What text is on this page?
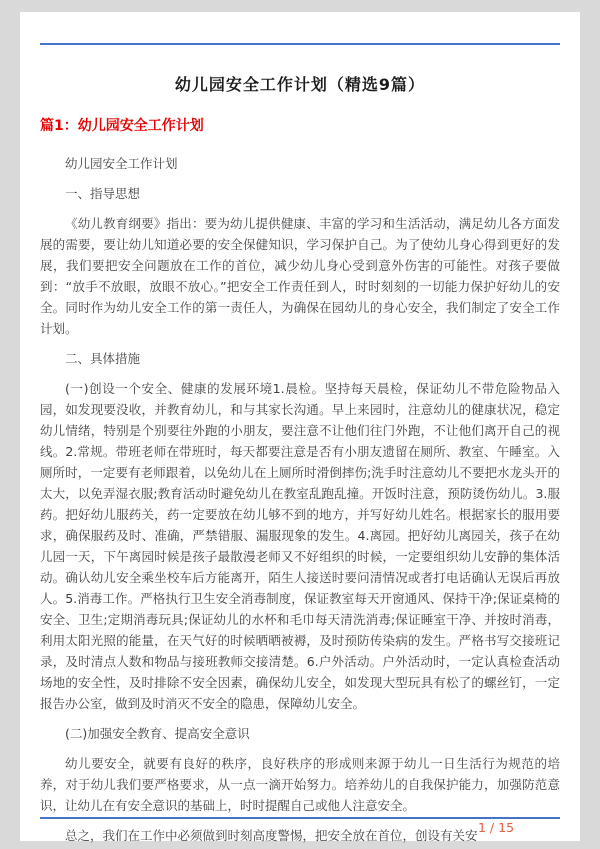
幼儿园安全工作计划（精选9篇）
篇1：幼儿园安全工作计划

幼儿园安全工作计划

一、指导思想

《幼儿教育纲要》指出：要为幼儿提供健康、丰富的学习和生活活动，满足幼儿各方面发展的需要，要让幼儿知道必要的安全保健知识，学习保护自己。为了使幼儿身心得到更好的发展，我们要把安全问题放在工作的首位，减少幼儿身心受到意外伤害的可能性。对孩子要做到：“放手不放眼，放眼不放心。”把安全工作责任到人，时时刻刻的一切能力保护好幼儿的安全。同时作为幼儿安全工作的第一责任人，为确保在园幼儿的身心安全，我们制定了安全工作计划。

二、具体措施

(一)创设一个安全、健康的发展环境1.晨检。坚持每天晨检，保证幼儿不带危险物品入园，如发现要没收，并教育幼儿，和与其家长沟通。早上来园时，注意幼儿的健康状况，稳定幼儿情绪，特别是个别要往外跑的小朋友，要注意不让他们往门外跑，不让他们离开自己的视线。2.常规。带班老师在带班时，每天都要注意是否有小朋友遗留在厕所、教室、午睡室。入厕所时，一定要有老师跟着，以免幼儿在上厕所时滑倒摔伤;洗手时注意幼儿不要把水龙头开的太大，以免弄湿衣服;教育活动时避免幼儿在教室乱跑乱撞。开饭时注意，预防烫伤幼儿。3.服药。把好幼儿服药关，药一定要放在幼儿够不到的地方，并写好幼儿姓名。根据家长的服用要求，确保服药及时、准确，严禁错服、漏服现象的发生。4.离园。把好幼儿离园关，孩子在幼儿园一天，下午离园时候是孩子最散漫老师又不好组织的时候，一定要组织幼儿安静的集体活动。确认幼儿安全乘坐校车后方能离开，陌生人接送时要问清情况或者打电话确认无误后再放人。5.消毒工作。严格执行卫生安全消毒制度，保证教室每天开窗通风、保持干净;保证桌椅的安全、卫生;定期消毒玩具;保证幼儿的水杯和毛巾每天清洗消毒;保证睡室干净、并按时消毒，利用太阳光照的能量，在天气好的时候晒晒被褥，及时预防传染病的发生。严格书写交接班记录，及时清点人数和物品与接班教师交接清楚。6.户外活动。户外活动时，一定认真检查活动场地的安全性，及时排除不安全因素，确保幼儿安全，如发现大型玩具有松了的螺丝钉，一定报告办公室，做到及时消灭不安全的隐患，保障幼儿安全。

(二)加强安全教育、提高安全意识

幼儿要安全，就要有良好的秩序，良好秩序的形成则来源于幼儿一日生活行为规范的培养，对于幼儿我们要严格要求，从一点一滴开始努力。培养幼儿的自我保护能力，加强防范意识，让幼儿在有安全意识的基础上，时时提醒自己或他人注意安全。

总之，我们在工作中必须做到时刻高度警惕，把安全放在首位，创设有关安

1 / 15
